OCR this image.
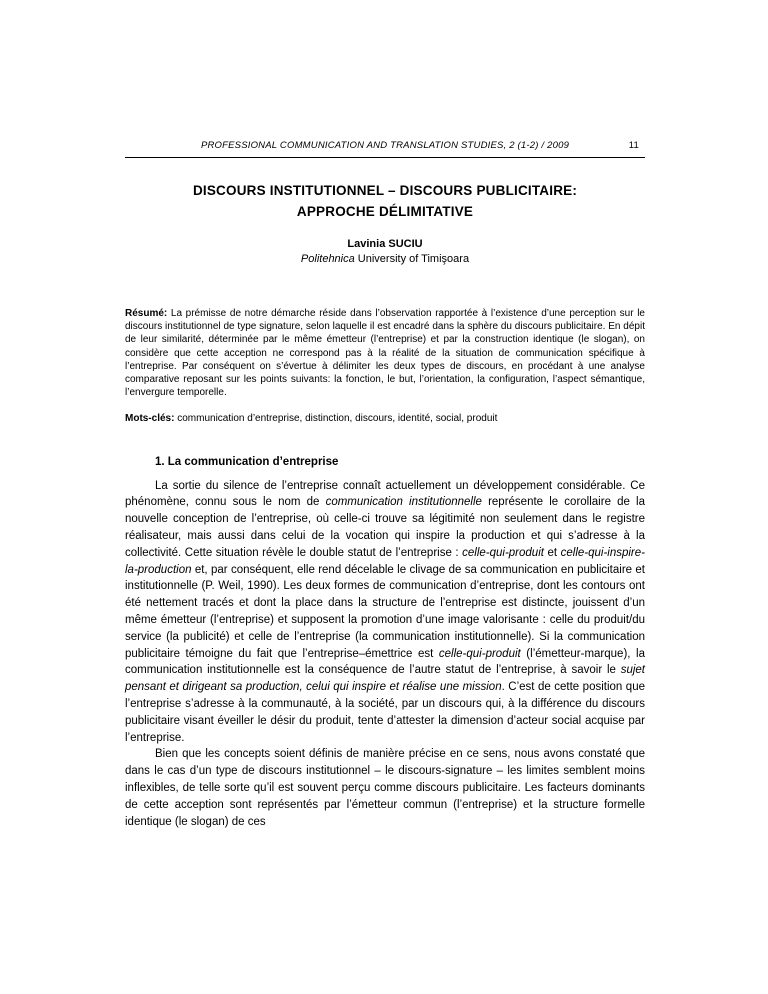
PROFESSIONAL COMMUNICATION AND TRANSLATION STUDIES, 2 (1-2) / 2009	11
DISCOURS INSTITUTIONNEL – DISCOURS PUBLICITAIRE:
APPROCHE DÉLIMITATIVE
Lavinia SUCIU
Politehnica University of Timişoara

Résumé: La prémisse de notre démarche réside dans l’observation rapportée à l’existence d’une perception sur le discours institutionnel de type signature, selon laquelle il est encadré dans la sphère du discours publicitaire. En dépit de leur similarité, déterminée par le même émetteur (l’entreprise) et par la construction identique (le slogan), on considère que cette acception ne correspond pas à la réalité de la situation de communication spécifique à l’entreprise. Par conséquent on s’évertue à délimiter les deux types de discours, en procédant à une analyse comparative reposant sur les points suivants: la fonction, le but, l’orientation, la configuration, l’aspect sémantique, l’envergure temporelle.

Mots-clés: communication d’entreprise, distinction, discours, identité, social, produit

1. La communication d’entreprise

La sortie du silence de l’entreprise connaît actuellement un développement considérable. Ce phénomène, connu sous le nom de communication institutionnelle représente le corollaire de la nouvelle conception de l’entreprise, où celle-ci trouve sa légitimité non seulement dans le registre réalisateur, mais aussi dans celui de la vocation qui inspire la production et qui s’adresse à la collectivité. Cette situation révèle le double statut de l’entreprise : celle-qui-produit et celle-qui-inspire-la-production et, par conséquent, elle rend décelable le clivage de sa communication en publicitaire et institutionnelle (P. Weil, 1990). Les deux formes de communication d’entreprise, dont les contours ont été nettement tracés et dont la place dans la structure de l’entreprise est distincte, jouissent d’un même émetteur (l’entreprise) et supposent la promotion d’une image valorisante : celle du produit/du service (la publicité) et celle de l’entreprise (la communication institutionnelle). Si la communication publicitaire témoigne du fait que l’entreprise–émettrice est celle-qui-produit (l’émetteur-marque), la communication institutionnelle est la conséquence de l’autre statut de l’entreprise, à savoir le sujet pensant et dirigeant sa production, celui qui inspire et réalise une mission. C’est de cette position que l’entreprise s’adresse à la communauté, à la société, par un discours qui, à la différence du discours publicitaire visant éveiller le désir du produit, tente d’attester la dimension d’acteur social acquise par l’entreprise.

Bien que les concepts soient définis de manière précise en ce sens, nous avons constaté que dans le cas d’un type de discours institutionnel – le discours-signature – les limites semblent moins inflexibles, de telle sorte qu’il est souvent perçu comme discours publicitaire. Les facteurs dominants de cette acception sont représentés par l’émetteur commun (l’entreprise) et la structure formelle identique (le slogan) de ces
